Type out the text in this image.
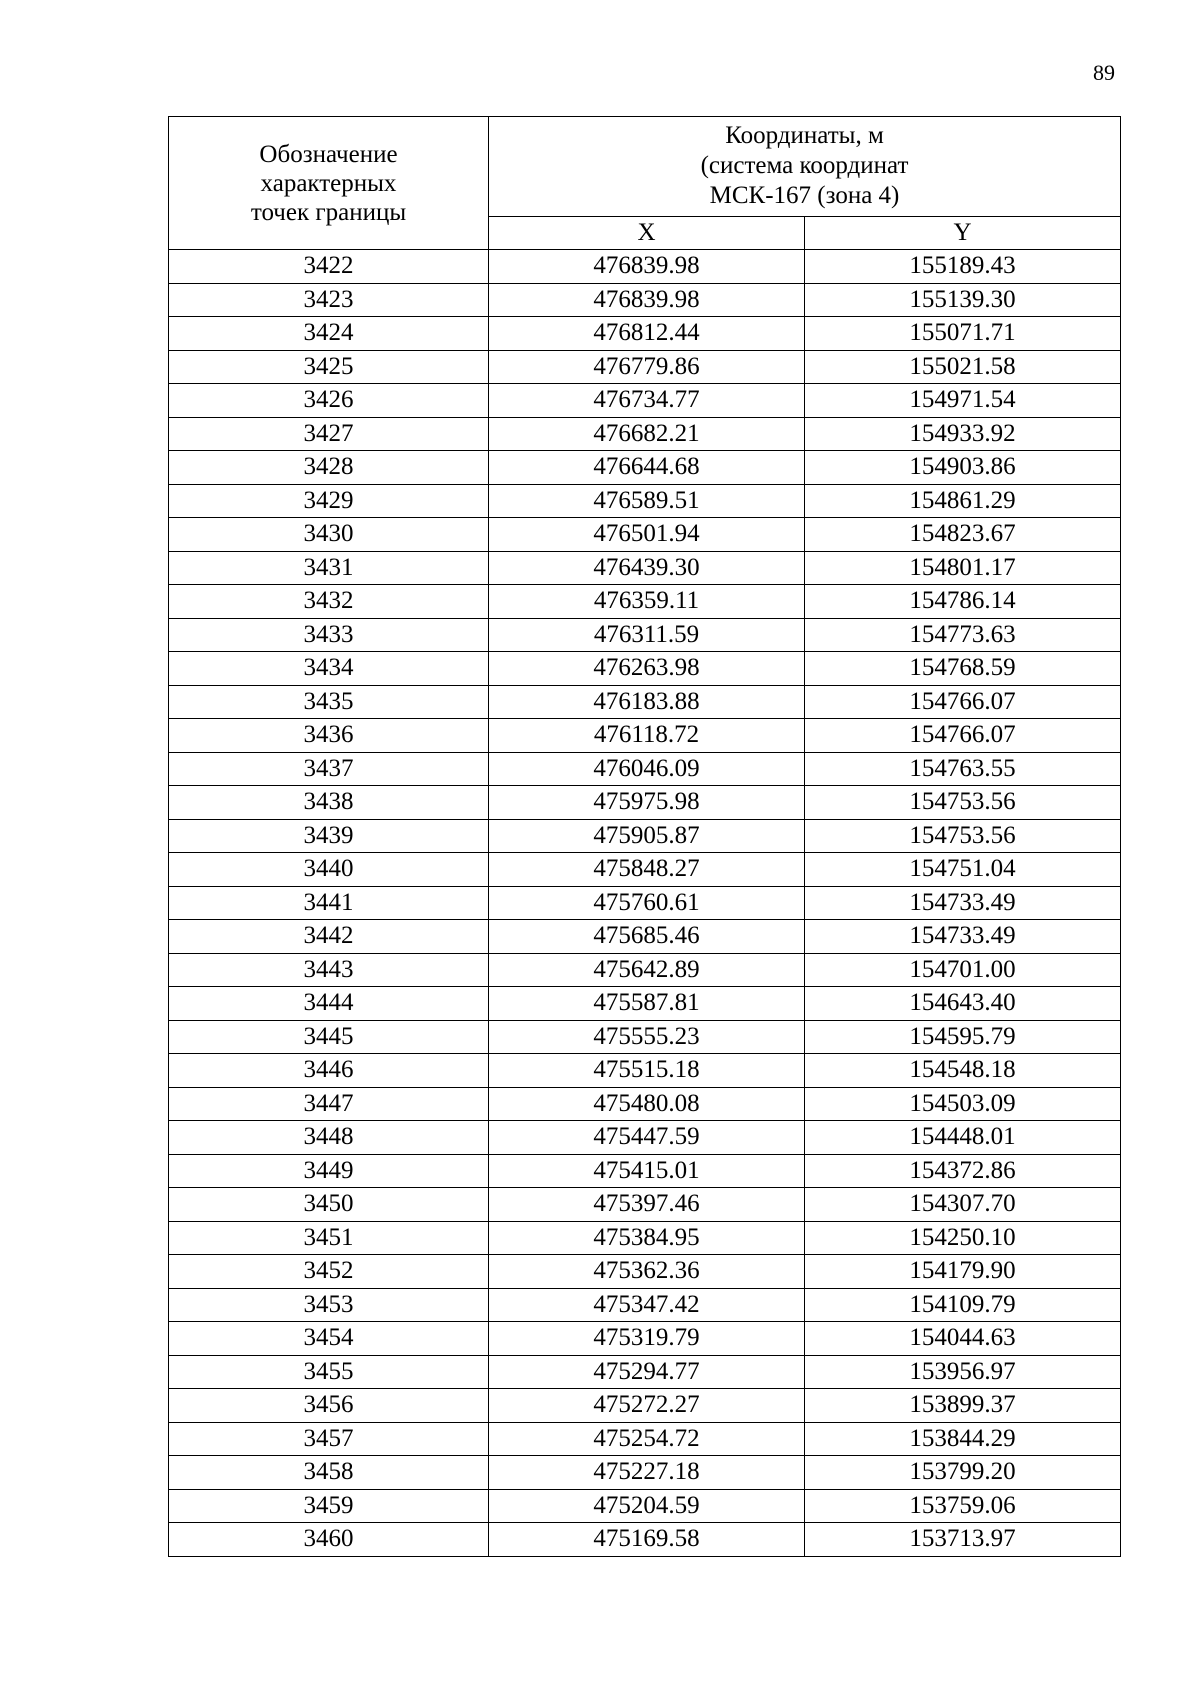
89
Обозначение
характерных
точек границы	Координаты, м
(система координат
МСК-167 (зона 4)	
	X	Y
3422	476839.98	155189.43
3423	476839.98	155139.30
3424	476812.44	155071.71
3425	476779.86	155021.58
3426	476734.77	154971.54
3427	476682.21	154933.92
3428	476644.68	154903.86
3429	476589.51	154861.29
3430	476501.94	154823.67
3431	476439.30	154801.17
3432	476359.11	154786.14
3433	476311.59	154773.63
3434	476263.98	154768.59
3435	476183.88	154766.07
3436	476118.72	154766.07
3437	476046.09	154763.55
3438	475975.98	154753.56
3439	475905.87	154753.56
3440	475848.27	154751.04
3441	475760.61	154733.49
3442	475685.46	154733.49
3443	475642.89	154701.00
3444	475587.81	154643.40
3445	475555.23	154595.79
3446	475515.18	154548.18
3447	475480.08	154503.09
3448	475447.59	154448.01
3449	475415.01	154372.86
3450	475397.46	154307.70
3451	475384.95	154250.10
3452	475362.36	154179.90
3453	475347.42	154109.79
3454	475319.79	154044.63
3455	475294.77	153956.97
3456	475272.27	153899.37
3457	475254.72	153844.29
3458	475227.18	153799.20
3459	475204.59	153759.06
3460	475169.58	153713.97
